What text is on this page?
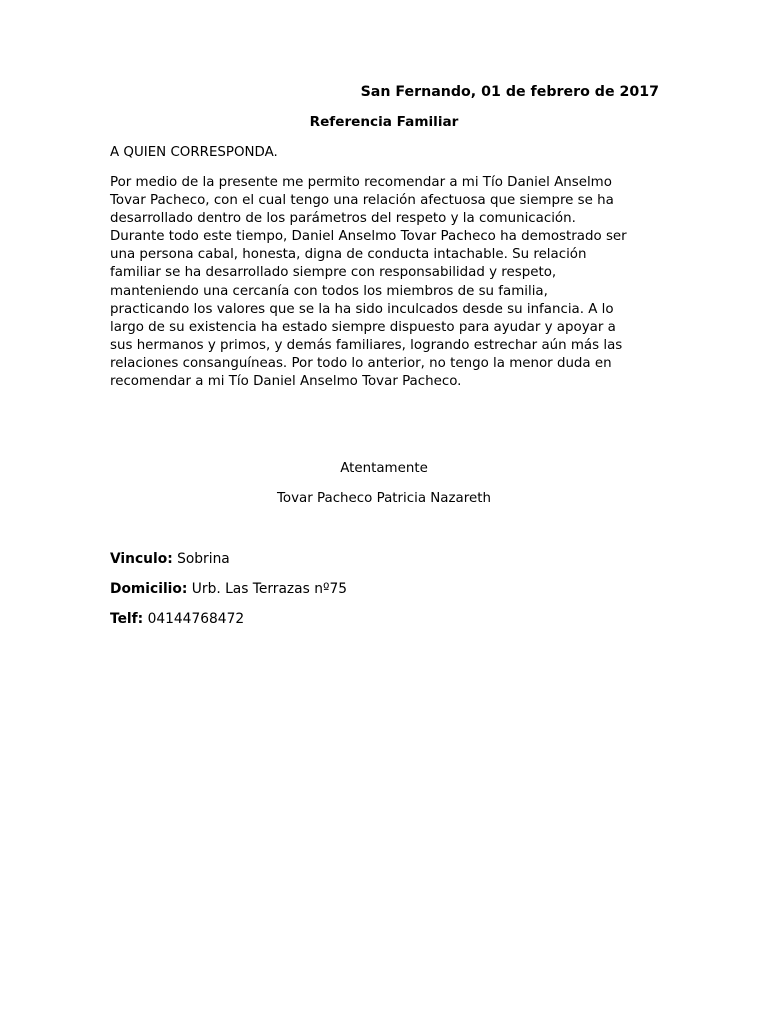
San Fernando, 01 de febrero de 2017
Referencia Familiar
A QUIEN CORRESPONDA.
Por medio de la presente me permito recomendar a mi Tío Daniel Anselmo
Tovar Pacheco, con el cual tengo una relación afectuosa que siempre se ha
desarrollado dentro de los parámetros del respeto y la comunicación.
Durante todo este tiempo, Daniel Anselmo Tovar Pacheco ha demostrado ser
una persona cabal, honesta, digna de conducta intachable. Su relación
familiar se ha desarrollado siempre con responsabilidad y respeto,
manteniendo una cercanía con todos los miembros de su familia,
practicando los valores que se la ha sido inculcados desde su infancia. A lo
largo de su existencia ha estado siempre dispuesto para ayudar y apoyar a
sus hermanos y primos, y demás familiares, logrando estrechar aún más las
relaciones consanguíneas. Por todo lo anterior, no tengo la menor duda en
recomendar a mi Tío Daniel Anselmo Tovar Pacheco.
Atentamente
Tovar Pacheco Patricia Nazareth
Vinculo: Sobrina
Domicilio: Urb. Las Terrazas nº75
Telf: 04144768472
